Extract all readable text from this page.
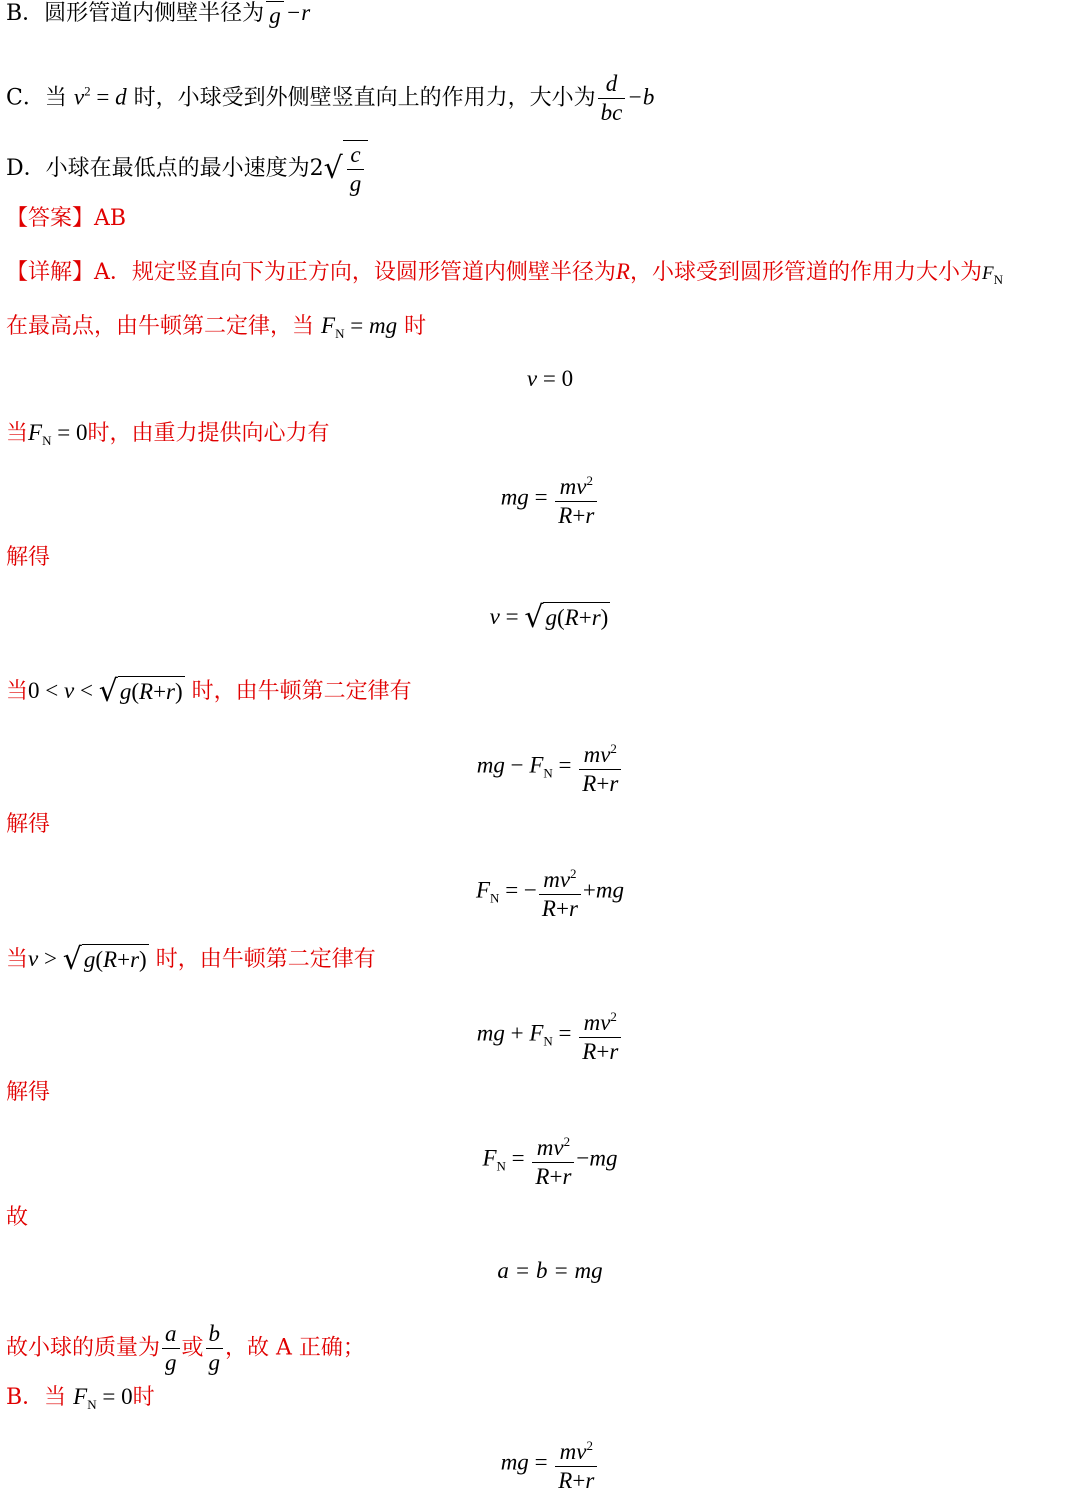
B．圆形管道内侧壁半径为 g −r
C．当 $v^2 = d$ 时，小球受到外侧壁竖直向上的作用力，大小为 $\frac{d}{bc} -b$
D．小球在最低点的最小速度为$2√ \frac{c}{g}$
【答案】AB
【详解】A．规定竖直向下为正方向，设圆形管道内侧壁半径为R，小球受到圆形管道的作用力大小为$F_N$
在最高点，由牛顿第二定律，当 $F_N$ = mg 时
v = 0
当$F_N = 0$时，由重力提供向心力有
mg = $\frac{mv^2}{R+r}$
解得
v = √g(R+r)
当0 < v < √g(R+r) 时，由牛顿第二定律有
mg − $F_N = \frac{mv^2}{R+r}$
解得
$F_N$ = − $\frac{mv^2}{R+r} +mg$
当v > √g(R+r) 时，由牛顿第二定律有
mg + $F_N = \frac{mv^2}{R+r}$
解得
$F_N = \frac{mv^2}{R+r} -mg$
故
a = b = mg
故小球的质量为 $\frac{a}{g}$ 或 $\frac{b}{g}$ ，故 A 正确；
B．当 $F_N = 0$时
mg = $\frac{mv^2}{R+r}$
